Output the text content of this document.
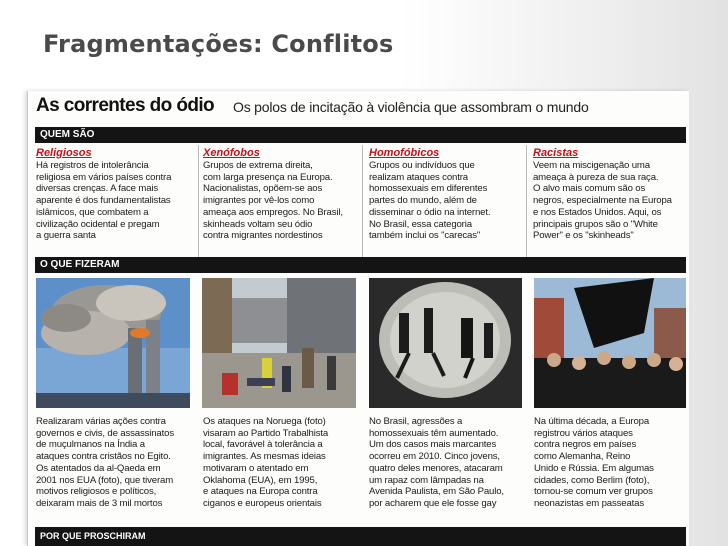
Fragmentações: Conflitos
As correntes do ódio Os polos de incitação à violência que assombram o mundo
QUEM SÃO
Religiosos
Há registros de intolerância
religiosa em vários países contra
diversas crenças. A face mais
aparente é dos fundamentalistas
islâmicos, que combatem a
civilização ocidental e pregam
a guerra santa
Xenófobos
Grupos de extrema direita,
com larga presença na Europa.
Nacionalistas, opõem-se aos
imigrantes por vê-los como
ameaça aos empregos. No Brasil,
skinheads voltam seu ódio
contra migrantes nordestinos
Homofóbicos
Grupos ou indivíduos que
realizam ataques contra
homossexuais em diferentes
partes do mundo, além de
disseminar o ódio na internet.
No Brasil, essa categoria
também inclui os "carecas"
Racistas
Veem na miscigenação uma
ameaça à pureza de sua raça.
O alvo mais comum são os
negros, especialmente na Europa
e nos Estados Unidos. Aqui, os
principais grupos são o "White
Power" e os "skinheads"
O QUE FIZERAM
Realizaram várias ações contra
governos e civis, de assassinatos
de muçulmanos na Índia a
ataques contra cristãos no Egito.
Os atentados da al-Qaeda em
2001 nos EUA (foto), que tiveram
motivos religiosos e políticos,
deixaram mais de 3 mil mortos
Os ataques na Noruega (foto)
visaram ao Partido Trabalhista
local, favorável à tolerância a
imigrantes. As mesmas ideias
motivaram o atentado em
Oklahoma (EUA), em 1995,
e ataques na Europa contra
ciganos e europeus orientais
No Brasil, agressões a
homossexuais têm aumentado.
Um dos casos mais marcantes
ocorreu em 2010. Cinco jovens,
quatro deles menores, atacaram
um rapaz com lâmpadas na
Avenida Paulista, em São Paulo,
por acharem que ele fosse gay
Na última década, a Europa
registrou vários ataques
contra negros em países
como Alemanha, Reino
Unido e Rússia. Em algumas
cidades, como Berlim (foto),
tornou-se comum ver grupos
neonazistas em passeatas
POR QUE PROSCHIRAM
